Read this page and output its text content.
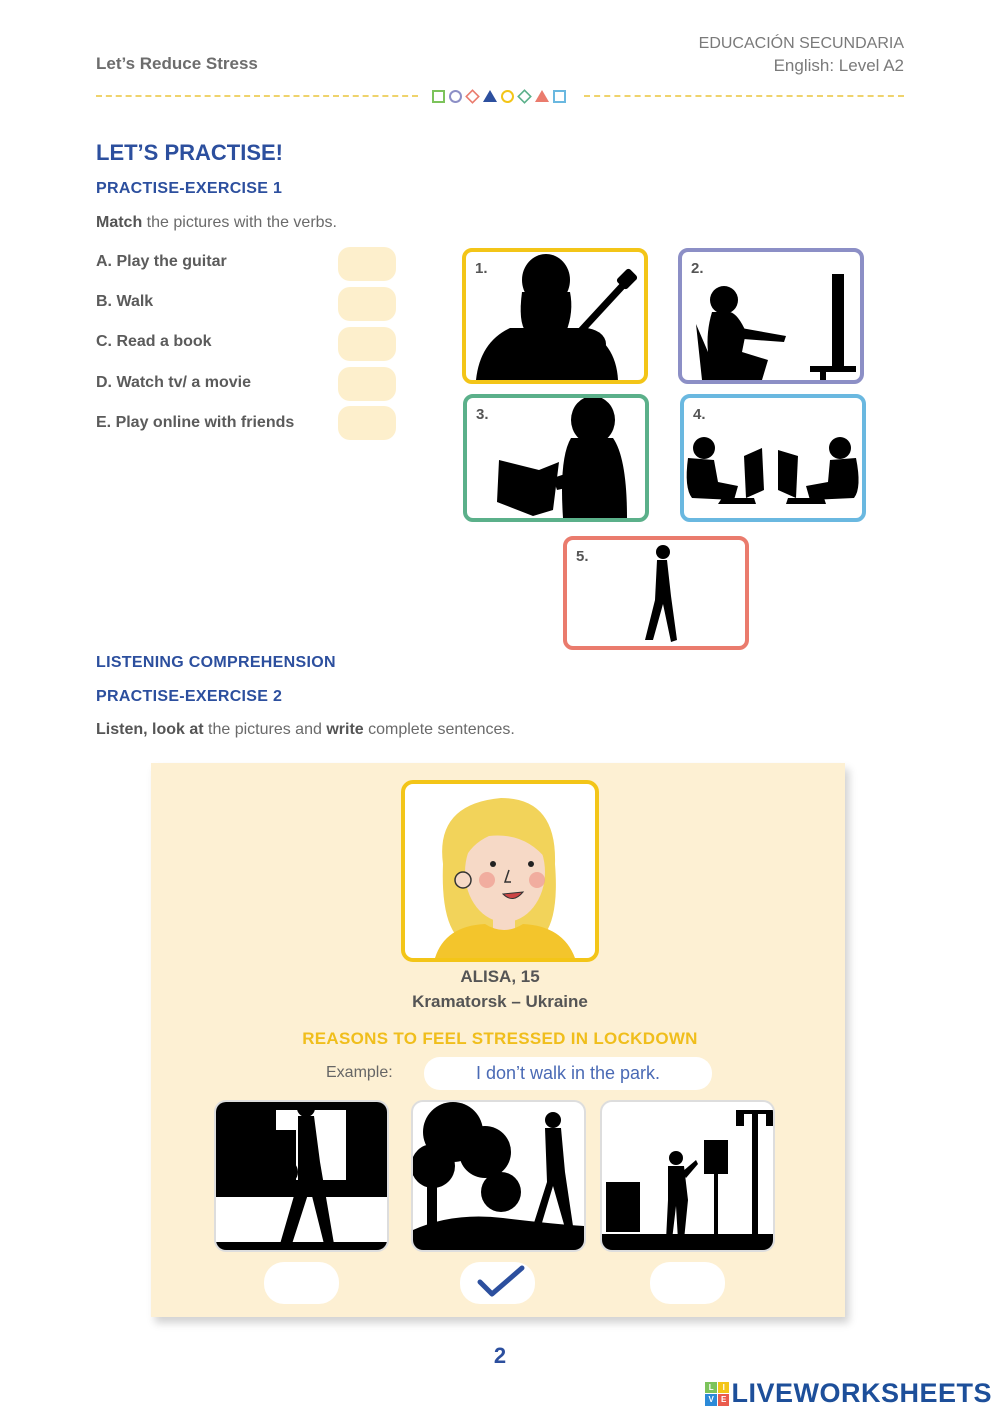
Let’s Reduce Stress
EDUCACIÓN SECUNDARIA
English: Level A2
LET’S PRACTISE!
PRACTISE-EXERCISE 1
Match the pictures with the verbs.
A. Play the guitar
B. Walk
C. Read a book
D. Watch tv/ a movie
E. Play online with friends
1.	2.
3.	4.
5.
LISTENING COMPREHENSION
PRACTISE-EXERCISE 2
Listen, look at the pictures and write complete sentences.
ALISA, 15
Kramatorsk – Ukraine
REASONS TO FEEL STRESSED IN LOCKDOWN
Example:	I don’t walk in the park.
2
L	I
V E LIVEWORKSHEETS
